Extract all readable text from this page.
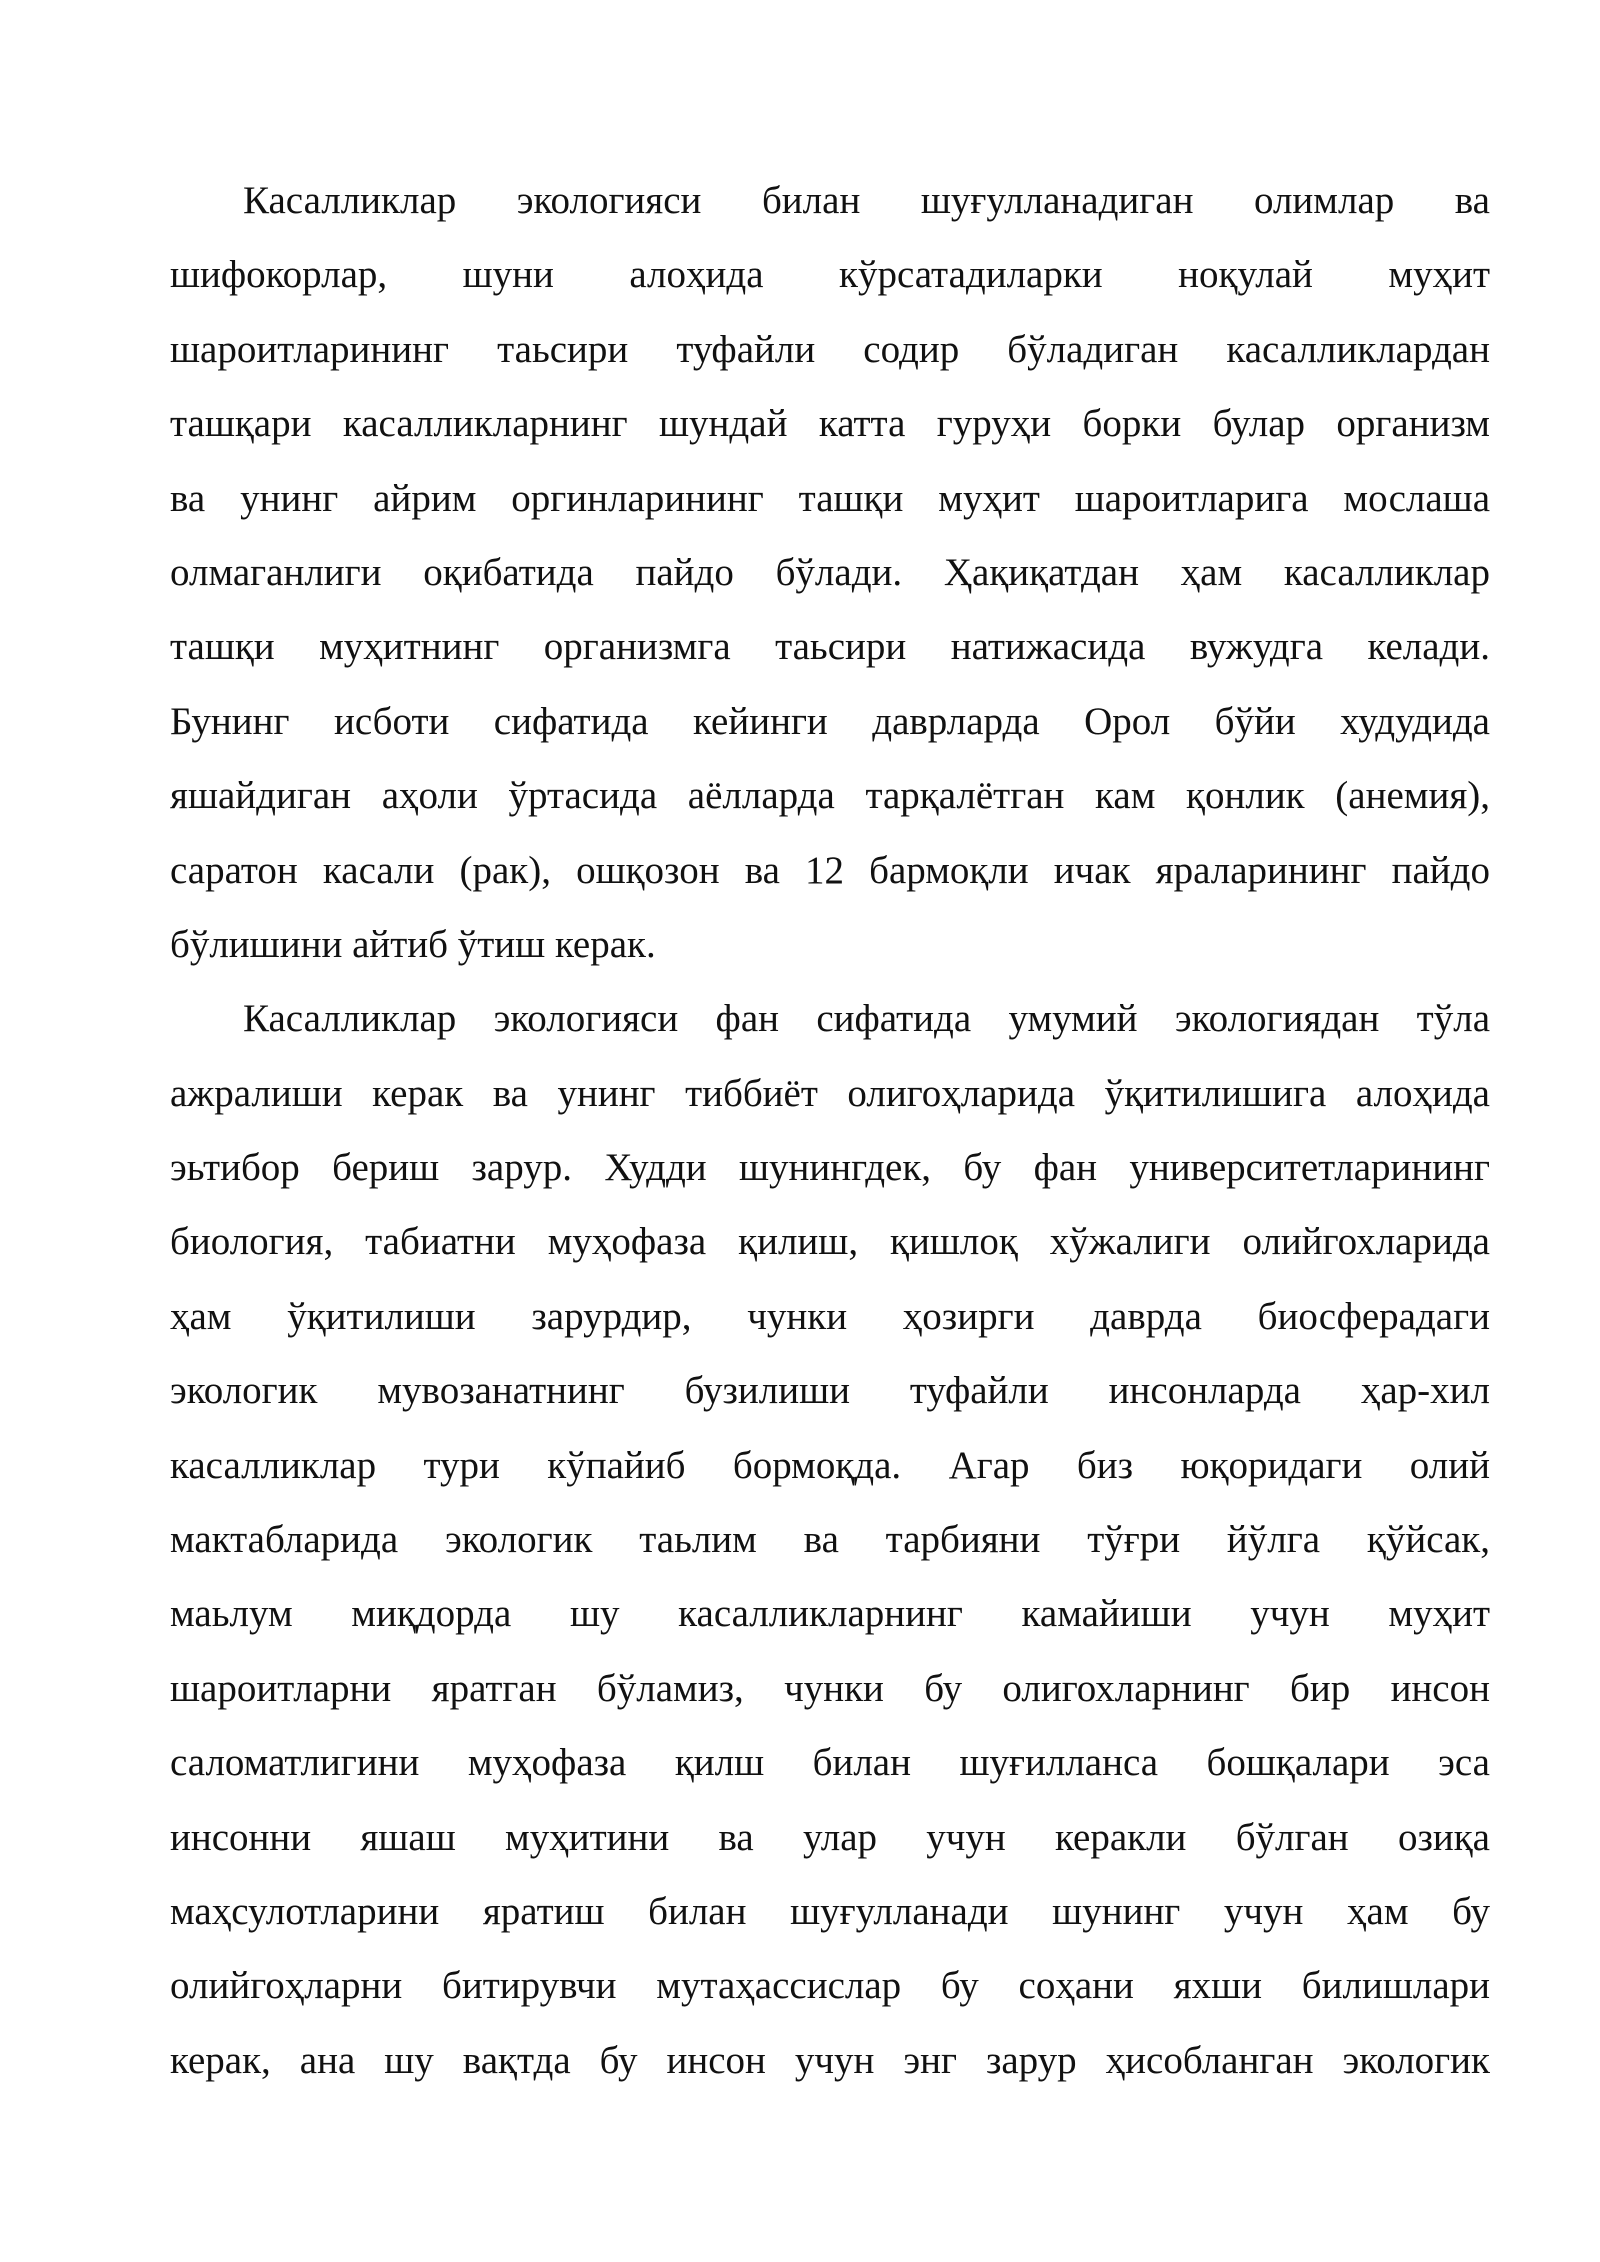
Касалликлар экологияси билан шуғулланадиган олимлар ва
шифокорлар, шуни алоҳида кўрсатадиларки ноқулай муҳит
шароитларининг таьсири туфайли содир бўладиган касалликлардан
ташқари касалликларнинг шундай катта гуруҳи борки булар организм
ва унинг айрим оргинларининг ташқи муҳит шароитларига мослаша
олмаганлиги оқибатида пайдо бўлади. Ҳақиқатдан ҳам касалликлар
ташқи муҳитнинг организмга таьсири натижасида вужудга келади.
Бунинг исботи сифатида кейинги даврларда Орол бўйи худудида
яшайдиган аҳоли ўртасида аёлларда тарқалётган кам қонлик (анемия),
саратон касали (рак), ошқозон ва 12 бармоқли ичак яраларининг пайдо
бўлишини айтиб ўтиш керак.
Касалликлар экологияси фан сифатида умумий экологиядан тўла
ажралиши керак ва унинг тиббиёт олигоҳларида ўқитилишига алоҳида
эьтибор бериш зарур. Худди шунингдек, бу фан университетларининг
биология, табиатни муҳофаза қилиш, қишлоқ хўжалиги олийгохларида
ҳам ўқитилиши зарурдир, чунки ҳозирги даврда биосферадаги
экологик мувозанатнинг бузилиши туфайли инсонларда ҳар-хил
касалликлар тури кўпайиб бормоқда. Агар биз юқоридаги олий
мактабларида экологик таьлим ва тарбияни тўғри йўлга қўйсак,
маьлум миқдорда шу касалликларнинг камайиши учун муҳит
шароитларни яратган бўламиз, чунки бу олигохларнинг бир инсон
саломатлигини муҳофаза қилш билан шуғилланса бошқалари эса
инсонни яшаш муҳитини ва улар учун керакли бўлган озиқа
маҳсулотларини яратиш билан шуғулланади шунинг учун ҳам бу
олийгоҳларни битирувчи мутаҳассислар бу соҳани яхши билишлари
керак, ана шу вақтда бу инсон учун энг зарур ҳисобланган экологик
